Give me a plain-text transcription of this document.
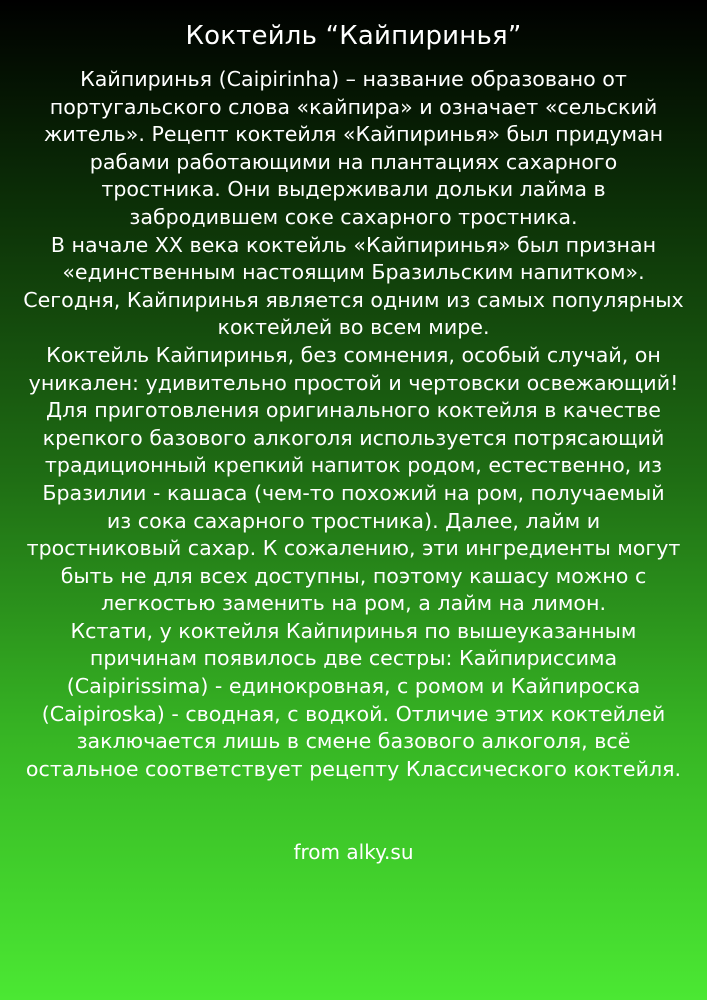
Коктейль “Кайпиринья”
Кайпиринья (Caipirinha) – название образовано от
португальского слова «кайпира» и означает «сельский
житель». Рецепт коктейля «Кайпиринья» был придуман
рабами работающими на плантациях сахарного
тростника. Они выдерживали дольки лайма в
забродившем соке сахарного тростника.
В начале XX века коктейль «Кайпиринья» был признан
«единственным настоящим Бразильским напитком».
Сегодня, Кайпиринья является одним из самых популярных
коктейлей во всем мире.
Коктейль Кайпиринья, без сомнения, особый случай, он
уникален: удивительно простой и чертовски освежающий!
Для приготовления оригинального коктейля в качестве
крепкого базового алкоголя используется потрясающий
традиционный крепкий напиток родом, естественно, из
Бразилии - кашаса (чем-то похожий на ром, получаемый
из сока сахарного тростника). Далее, лайм и
тростниковый сахар. К сожалению, эти ингредиенты могут
быть не для всех доступны, поэтому кашасу можно с
легкостью заменить на ром, а лайм на лимон.
Кстати, у коктейля Кайпиринья по вышеуказанным
причинам появилось две сестры: Кайпириссима
(Caipirissima) - единокровная, с ромом и Кайпироска
(Caipiroska) - сводная, с водкой. Отличие этих коктейлей
заключается лишь в смене базового алкоголя, всё
остальное соответствует рецепту Классического коктейля.
from alky.su
